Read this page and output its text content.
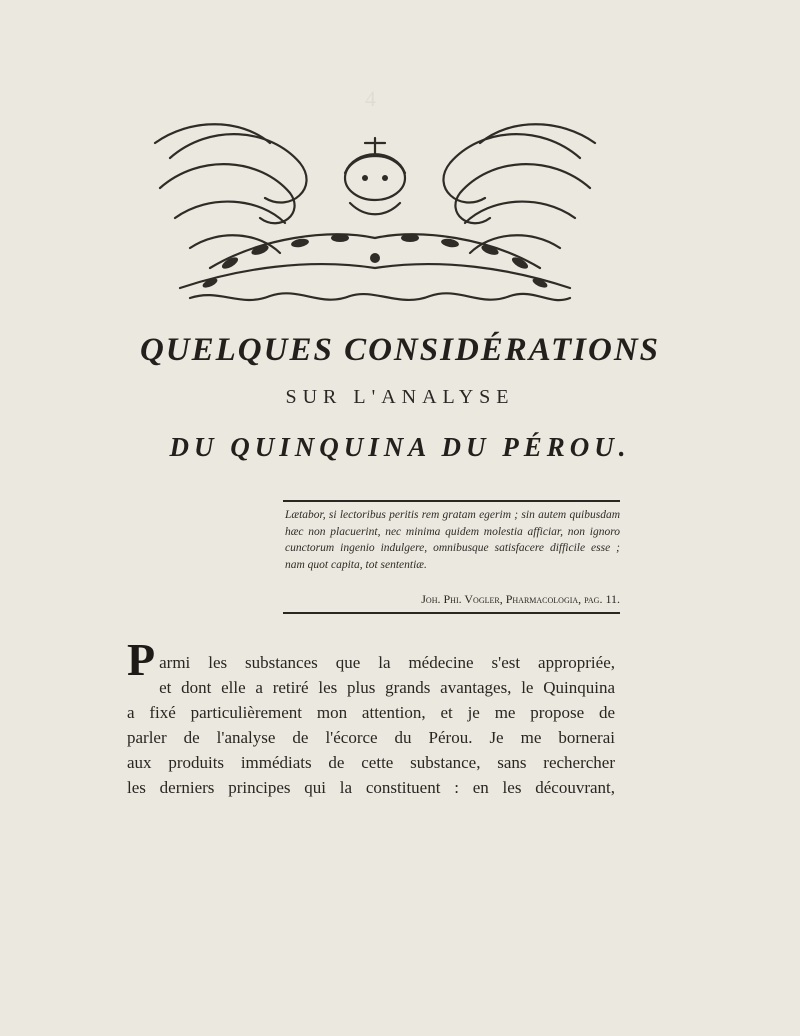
4
QUELQUES CONSIDÉRATIONS
SUR L'ANALYSE
DU QUINQUINA DU PÉROU.
Lætabor, si lectoribus peritis rem gratam egerim ; sin autem quibusdam hæc non placuerint, nec minima quidem molestia afficiar, non ignoro cunctorum ingenio indulgere, omnibusque satisfacere difficile esse ; nam quot capita, tot sententiæ.
Joh. Phi. Vogler, Pharmacologia, pag. 11.
P armi les substances que la médecine s'est appropriée,
et dont elle a retiré les plus grands avantages, le Quinquina
a fixé particulièrement mon attention, et je me propose de
parler de l'analyse de l'écorce du Pérou. Je me bornerai
aux produits immédiats de cette substance, sans rechercher
les derniers principes qui la constituent : en les découvrant,
